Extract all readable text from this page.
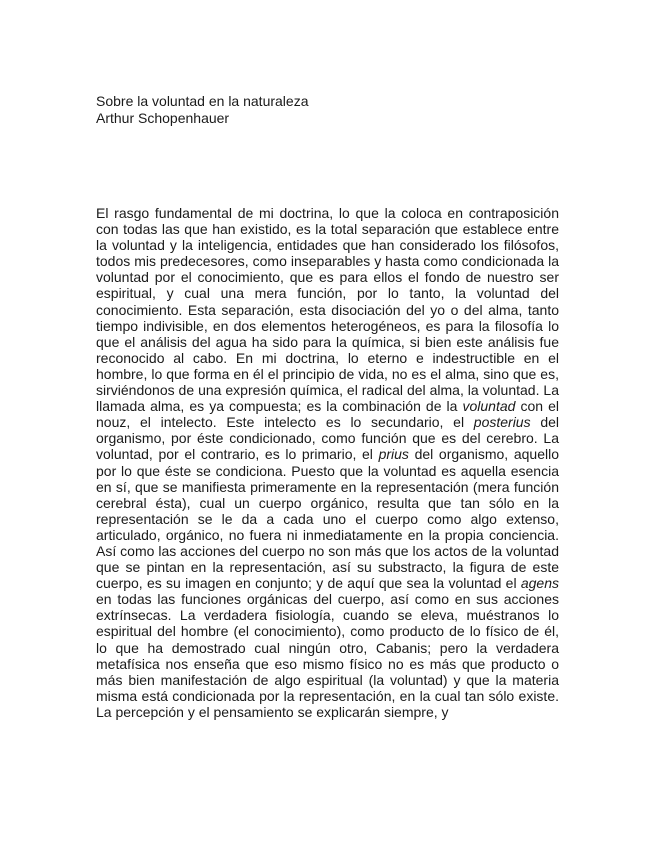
Sobre la voluntad en la naturaleza
Arthur Schopenhauer
El rasgo fundamental de mi doctrina, lo que la coloca en contraposición con todas las que han existido, es la total separación que establece entre la voluntad y la inteligencia, entidades que han considerado los filósofos, todos mis predecesores, como inseparables y hasta como condicionada la voluntad por el conocimiento, que es para ellos el fondo de nuestro ser espiritual, y cual una mera función, por lo tanto, la voluntad del conocimiento. Esta separación, esta disociación del yo o del alma, tanto tiempo indivisible, en dos elementos heterogéneos, es para la filosofía lo que el análisis del agua ha sido para la química, si bien este análisis fue reconocido al cabo. En mi doctrina, lo eterno e indestructible en el hombre, lo que forma en él el principio de vida, no es el alma, sino que es, sirviéndonos de una expresión química, el radical del alma, la voluntad. La llamada alma, es ya compuesta; es la combinación de la voluntad con el nouz, el intelecto. Este intelecto es lo secundario, el posterius del organismo, por éste condicionado, como función que es del cerebro. La voluntad, por el contrario, es lo primario, el prius del organismo, aquello por lo que éste se condiciona. Puesto que la voluntad es aquella esencia en sí, que se manifiesta primeramente en la representación (mera función cerebral ésta), cual un cuerpo orgánico, resulta que tan sólo en la representación se le da a cada uno el cuerpo como algo extenso, articulado, orgánico, no fuera ni inmediatamente en la propia conciencia. Así como las acciones del cuerpo no son más que los actos de la voluntad que se pintan en la representación, así su substracto, la figura de este cuerpo, es su imagen en conjunto; y de aquí que sea la voluntad el agens en todas las funciones orgánicas del cuerpo, así como en sus acciones extrínsecas. La verdadera fisiología, cuando se eleva, muéstranos lo espiritual del hombre (el conocimiento), como producto de lo físico de él, lo que ha demostrado cual ningún otro, Cabanis; pero la verdadera metafísica nos enseña que eso mismo físico no es más que producto o más bien manifestación de algo espiritual (la voluntad) y que la materia misma está condicionada por la representación, en la cual tan sólo existe. La percepción y el pensamiento se explicarán siempre, y
